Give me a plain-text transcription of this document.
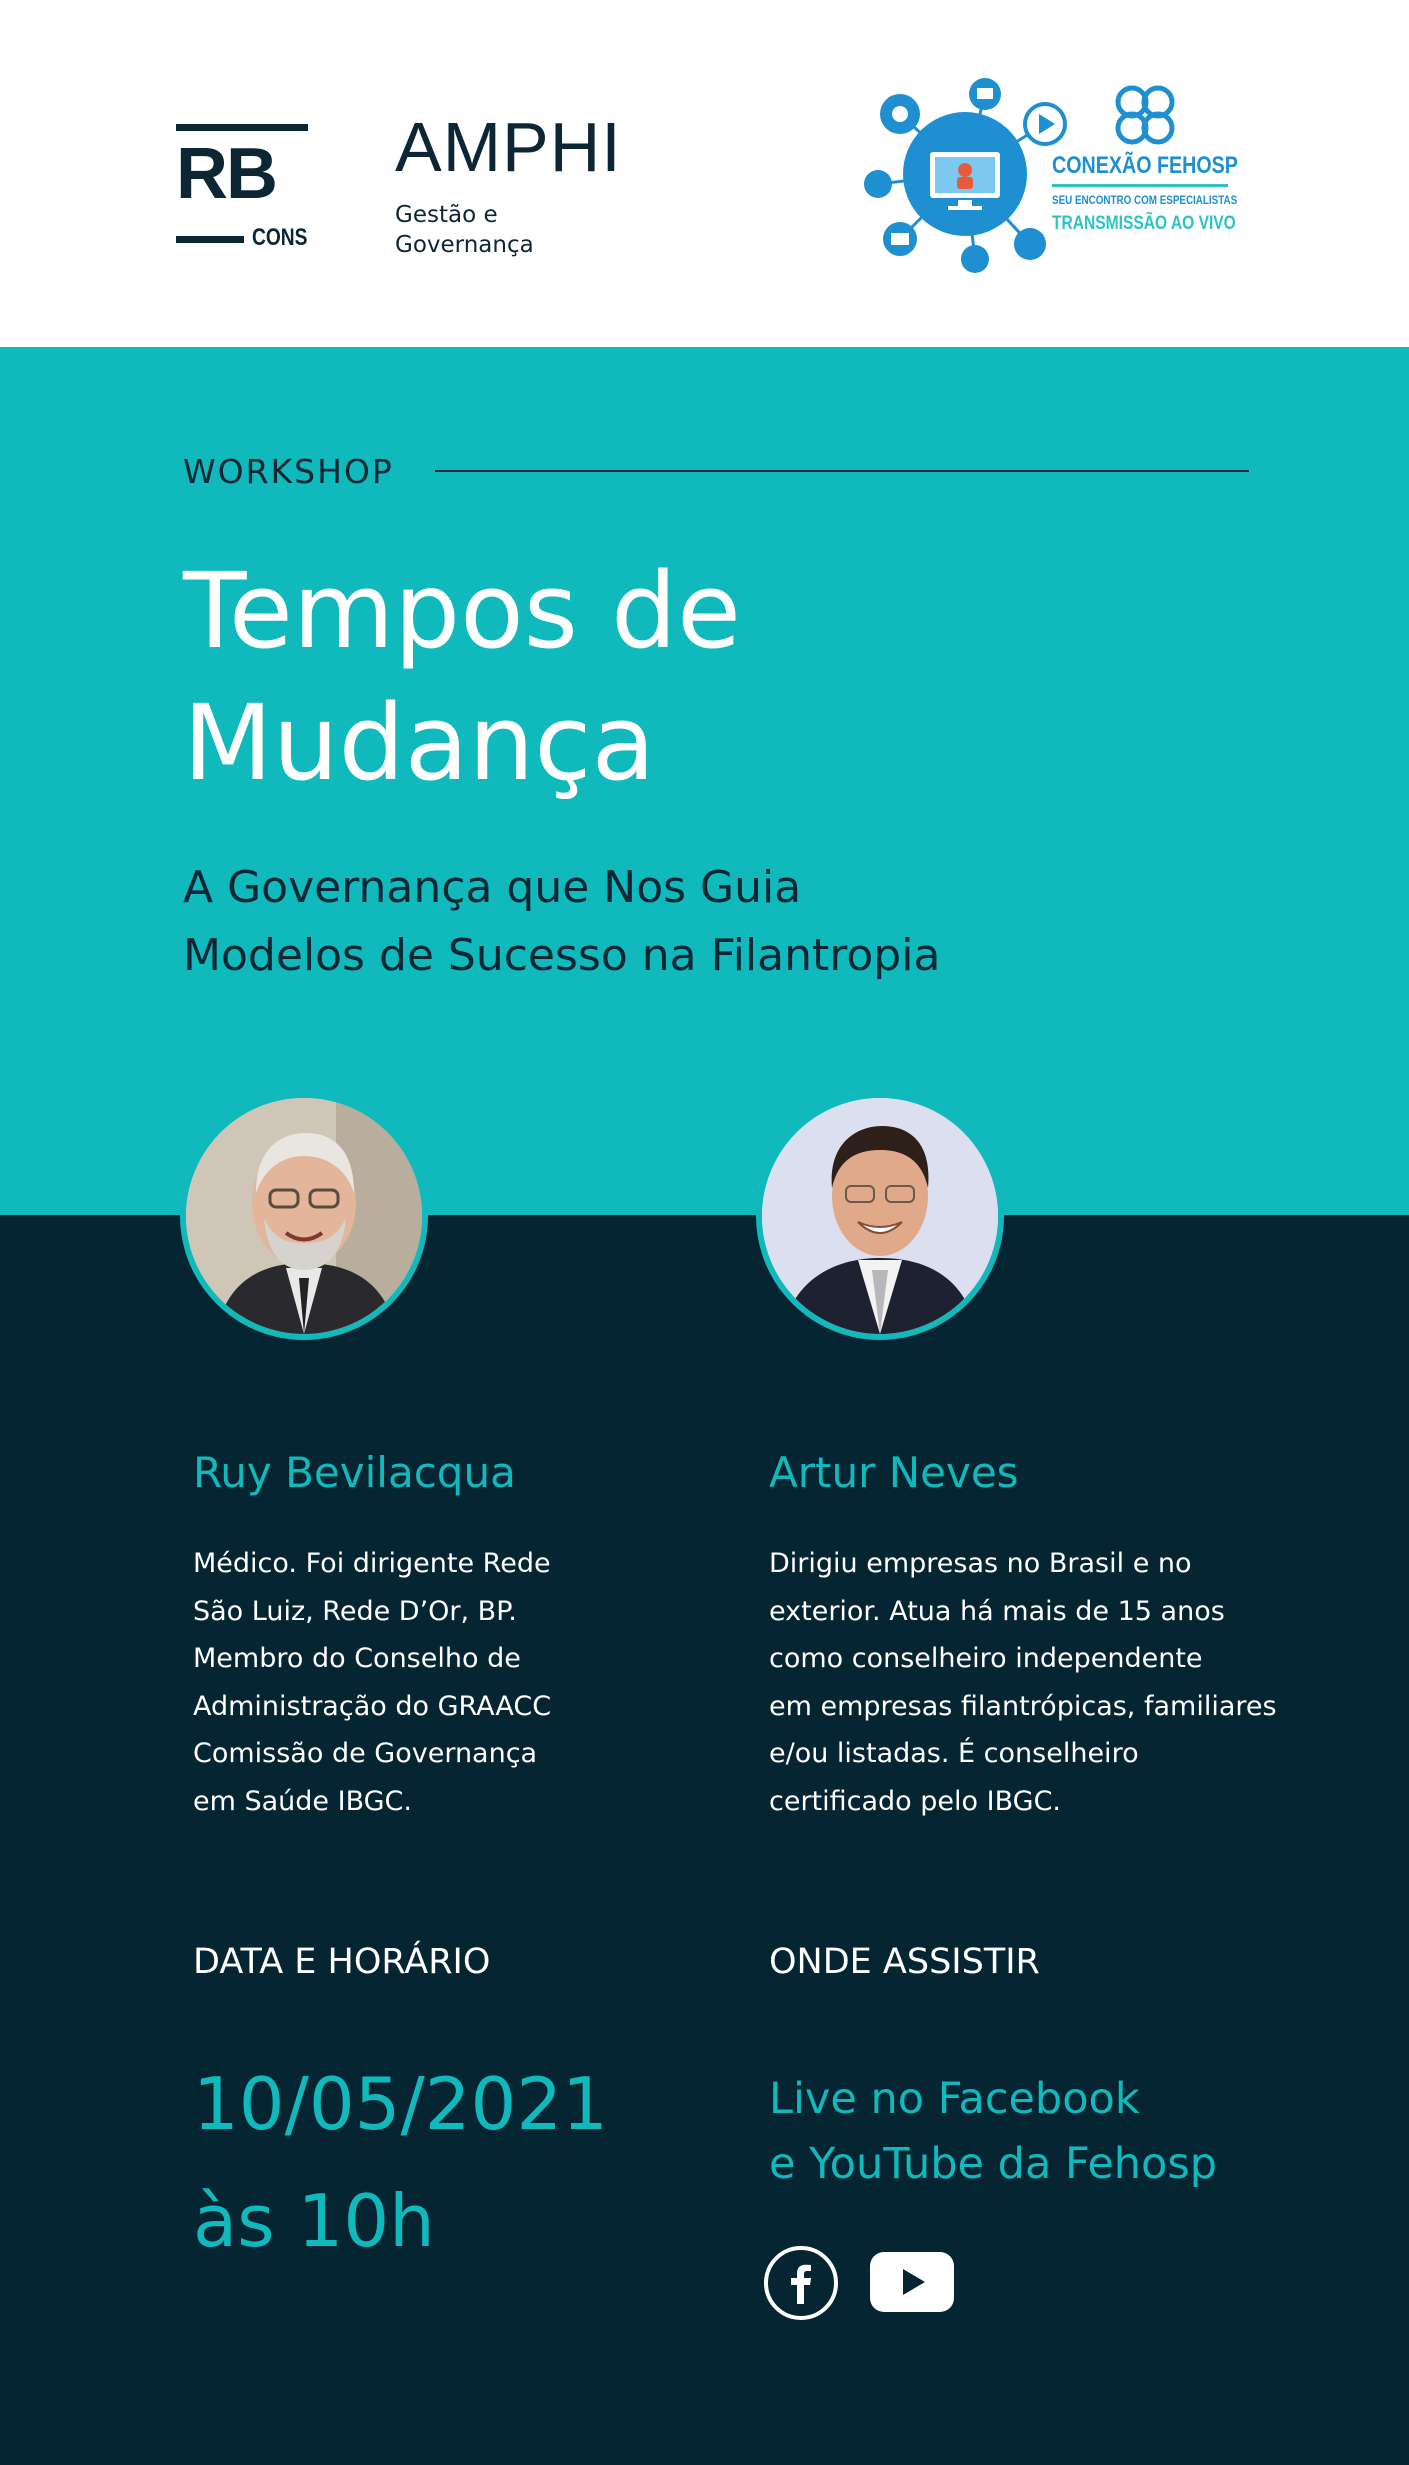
RB
CONS
AMPHI
Gestão e
Governança
CONEXÃO FEHOSP
SEU ENCONTRO COM ESPECIALISTAS
TRANSMISSÃO AO VIVO
WORKSHOP
Tempos de
Mudança
A Governança que Nos Guia
Modelos de Sucesso na Filantropia
Ruy Bevilacqua	Artur Neves
Médico. Foi dirigente Rede
São Luiz, Rede D’Or, BP.
Membro do Conselho de
Administração do GRAACC
Comissão de Governança
em Saúde IBGC.
Dirigiu empresas no Brasil e no
exterior. Atua há mais de 15 anos
como conselheiro independente
em empresas filantrópicas, familiares
e/ou listadas. É conselheiro
certificado pelo IBGC.
DATA E HORÁRIO
10/05/2021
às 10h
ONDE ASSISTIR
Live no Facebook
e YouTube da Fehosp
